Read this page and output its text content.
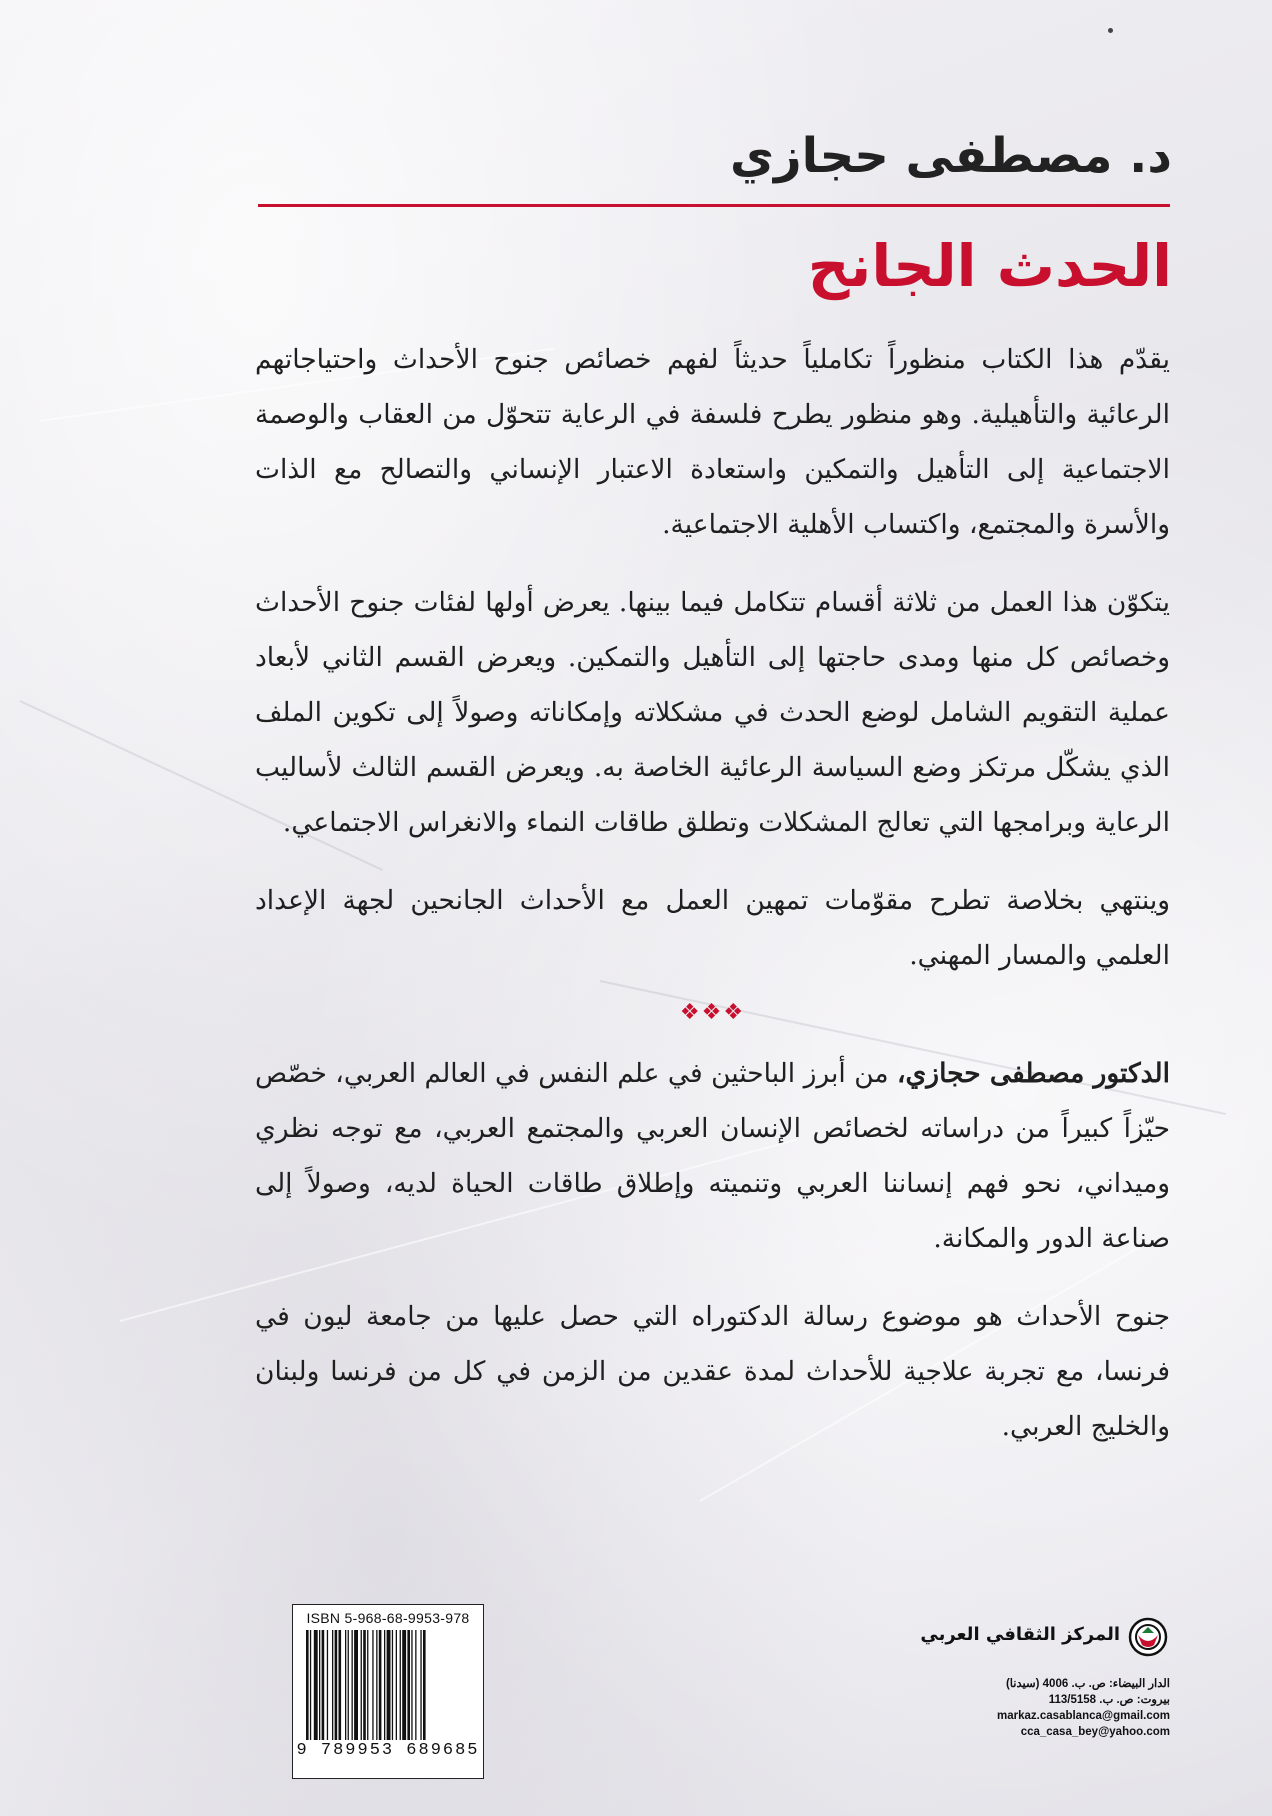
د. مصطفى حجازي
الحدث الجانح

يقدّم هذا الكتاب منظوراً تكاملياً حديثاً لفهم خصائص جنوح الأحداث واحتياجاتهم الرعائية والتأهيلية. وهو منظور يطرح فلسفة في الرعاية تتحوّل من العقاب والوصمة الاجتماعية إلى التأهيل والتمكين واستعادة الاعتبار الإنساني والتصالح مع الذات والأسرة والمجتمع، واكتساب الأهلية الاجتماعية.

يتكوّن هذا العمل من ثلاثة أقسام تتكامل فيما بينها. يعرض أولها لفئات جنوح الأحداث وخصائص كل منها ومدى حاجتها إلى التأهيل والتمكين. ويعرض القسم الثاني لأبعاد عملية التقويم الشامل لوضع الحدث في مشكلاته وإمكاناته وصولاً إلى تكوين الملف الذي يشكّل مرتكز وضع السياسة الرعائية الخاصة به. ويعرض القسم الثالث لأساليب الرعاية وبرامجها التي تعالج المشكلات وتطلق طاقات النماء والانغراس الاجتماعي.

وينتهي بخلاصة تطرح مقوّمات تمهين العمل مع الأحداث الجانحين لجهة الإعداد العلمي والمسار المهني.

❖❖❖

الدكتور مصطفى حجازي، من أبرز الباحثين في علم النفس في العالم العربي، خصّص حيّزاً كبيراً من دراساته لخصائص الإنسان العربي والمجتمع العربي، مع توجه نظري وميداني، نحو فهم إنساننا العربي وتنميته وإطلاق طاقات الحياة لديه، وصولاً إلى صناعة الدور والمكانة.

جنوح الأحداث هو موضوع رسالة الدكتوراه التي حصل عليها من جامعة ليون في فرنسا، مع تجربة علاجية للأحداث لمدة عقدين من الزمن في كل من فرنسا ولبنان والخليج العربي.

ISBN 5-968-68-9953-978
9 789953 689685
المركز الثقافي العربي
الدار البيضاء: ص. ب. 4006 (سيدنا)
بيروت: ص. ب. 113/5158
markaz.casablanca@gmail.com
cca_casa_bey@yahoo.com
